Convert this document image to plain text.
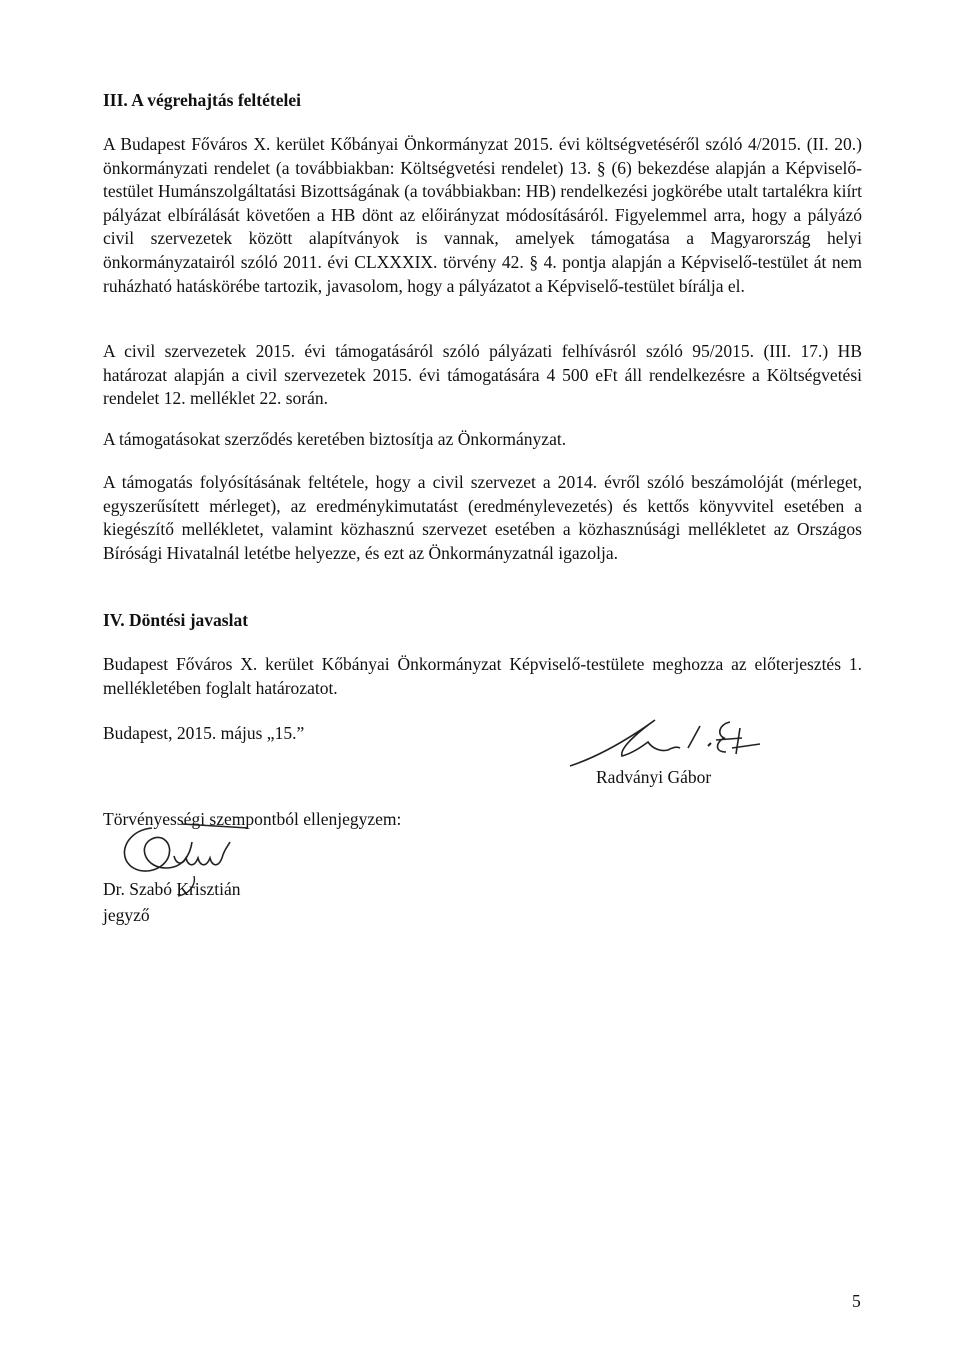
III. A végrehajtás feltételei

A Budapest Főváros X. kerület Kőbányai Önkormányzat 2015. évi költségvetéséről szóló 4/2015. (II. 20.) önkormányzati rendelet (a továbbiakban: Költségvetési rendelet) 13. § (6) bekezdése alapján a Képviselő-testület Humánszolgáltatási Bizottságának (a továbbiakban: HB) rendelkezési jogkörébe utalt tartalékra kiírt pályázat elbírálását követően a HB dönt az előirányzat módosításáról. Figyelemmel arra, hogy a pályázó civil szervezetek között alapítványok is vannak, amelyek támogatása a Magyarország helyi önkormányzatairól szóló 2011. évi CLXXXIX. törvény 42. § 4. pontja alapján a Képviselő-testület át nem ruházható hatáskörébe tartozik, javasolom, hogy a pályázatot a Képviselő-testület bírálja el.

A civil szervezetek 2015. évi támogatásáról szóló pályázati felhívásról szóló 95/2015. (III. 17.) HB határozat alapján a civil szervezetek 2015. évi támogatására 4 500 eFt áll rendelkezésre a Költségvetési rendelet 12. melléklet 22. során.

A támogatásokat szerződés keretében biztosítja az Önkormányzat.

A támogatás folyósításának feltétele, hogy a civil szervezet a 2014. évről szóló beszámolóját (mérleget, egyszerűsített mérleget), az eredménykimutatást (eredménylevezetés) és kettős könyvvitel esetében a kiegészítő mellékletet, valamint közhasznú szervezet esetében a közhasznúsági mellékletet az Országos Bírósági Hivatalnál letétbe helyezze, és ezt az Önkormányzatnál igazolja.

IV. Döntési javaslat

Budapest Főváros X. kerület Kőbányai Önkormányzat Képviselő-testülete meghozza az előterjesztés 1. mellékletében foglalt határozatot.

Budapest, 2015. május „15.”

Radványi Gábor

Törvényességi szempontból ellenjegyzem:

Dr. Szabó Krisztián

jegyző

5
